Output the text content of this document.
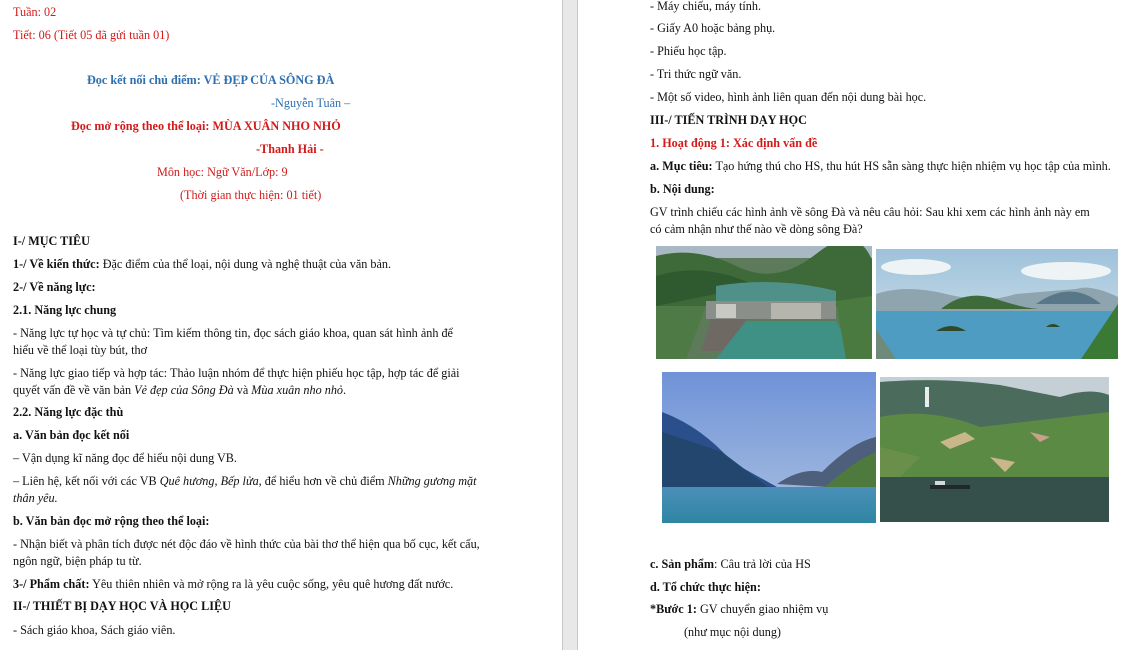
Tuần: 02
Tiết: 06 (Tiết 05 đã gửi tuần 01)
Đọc kết nối chủ điểm: VẺ ĐẸP CỦA SÔNG ĐÀ
-Nguyễn Tuân –
Đọc mở rộng theo thể loại: MÙA XUÂN NHO NHỎ
-Thanh Hải -
Môn học: Ngữ Văn/Lớp: 9
(Thời gian thực hiện: 01 tiết)
I-/ MỤC TIÊU
1-/ Về kiến thức: Đặc điểm của thể loại, nội dung và nghệ thuật của văn bản.
2-/ Về năng lực:
2.1. Năng lực chung
- Năng lực tự học và tự chủ: Tìm kiếm thông tin, đọc sách giáo khoa, quan sát hình ảnh để
hiểu về thể loại tùy bút, thơ
- Năng lực giao tiếp và hợp tác: Thảo luận nhóm để thực hiện phiếu học tập, hợp tác để giải
quyết vấn đề về văn bản Vẻ đẹp của Sông Đà và Mùa xuân nho nhỏ.
2.2. Năng lực đặc thù
a. Văn bản đọc kết nối
– Vận dụng kĩ năng đọc để hiểu nội dung VB.
– Liên hệ, kết nối với các VB Quê hương, Bếp lửa, để hiểu hơn về chủ điểm Những gương mặt
thân yêu.
b. Văn bản đọc mở rộng theo thể loại:
- Nhận biết và phân tích được nét độc đáo về hình thức của bài thơ thể hiện qua bố cục, kết cấu,
ngôn ngữ, biện pháp tu từ.
3-/ Phẩm chất: Yêu thiên nhiên và mở rộng ra là yêu cuộc sống, yêu quê hương đất nước.
II-/ THIẾT BỊ DẠY HỌC VÀ HỌC LIỆU
- Sách giáo khoa, Sách giáo viên.
- Máy chiếu, máy tính.
- Giấy A0 hoặc bảng phụ.
- Phiếu học tập.
- Tri thức ngữ văn.
- Một số video, hình ảnh liên quan đến nội dung bài học.
III-/ TIẾN TRÌNH DẠY HỌC
1. Hoạt động 1: Xác định vấn đề
a. Mục tiêu: Tạo hứng thú cho HS, thu hút HS sẵn sàng thực hiện nhiệm vụ học tập của mình.
b. Nội dung:
GV trình chiếu các hình ảnh về sông Đà và nêu câu hỏi: Sau khi xem các hình ảnh này em
có cảm nhận như thế nào về dòng sông Đà?
c. Sản phẩm: Câu trả lời của HS
d. Tổ chức thực hiện:
*Bước 1: GV chuyển giao nhiệm vụ
(như mục nội dung)
